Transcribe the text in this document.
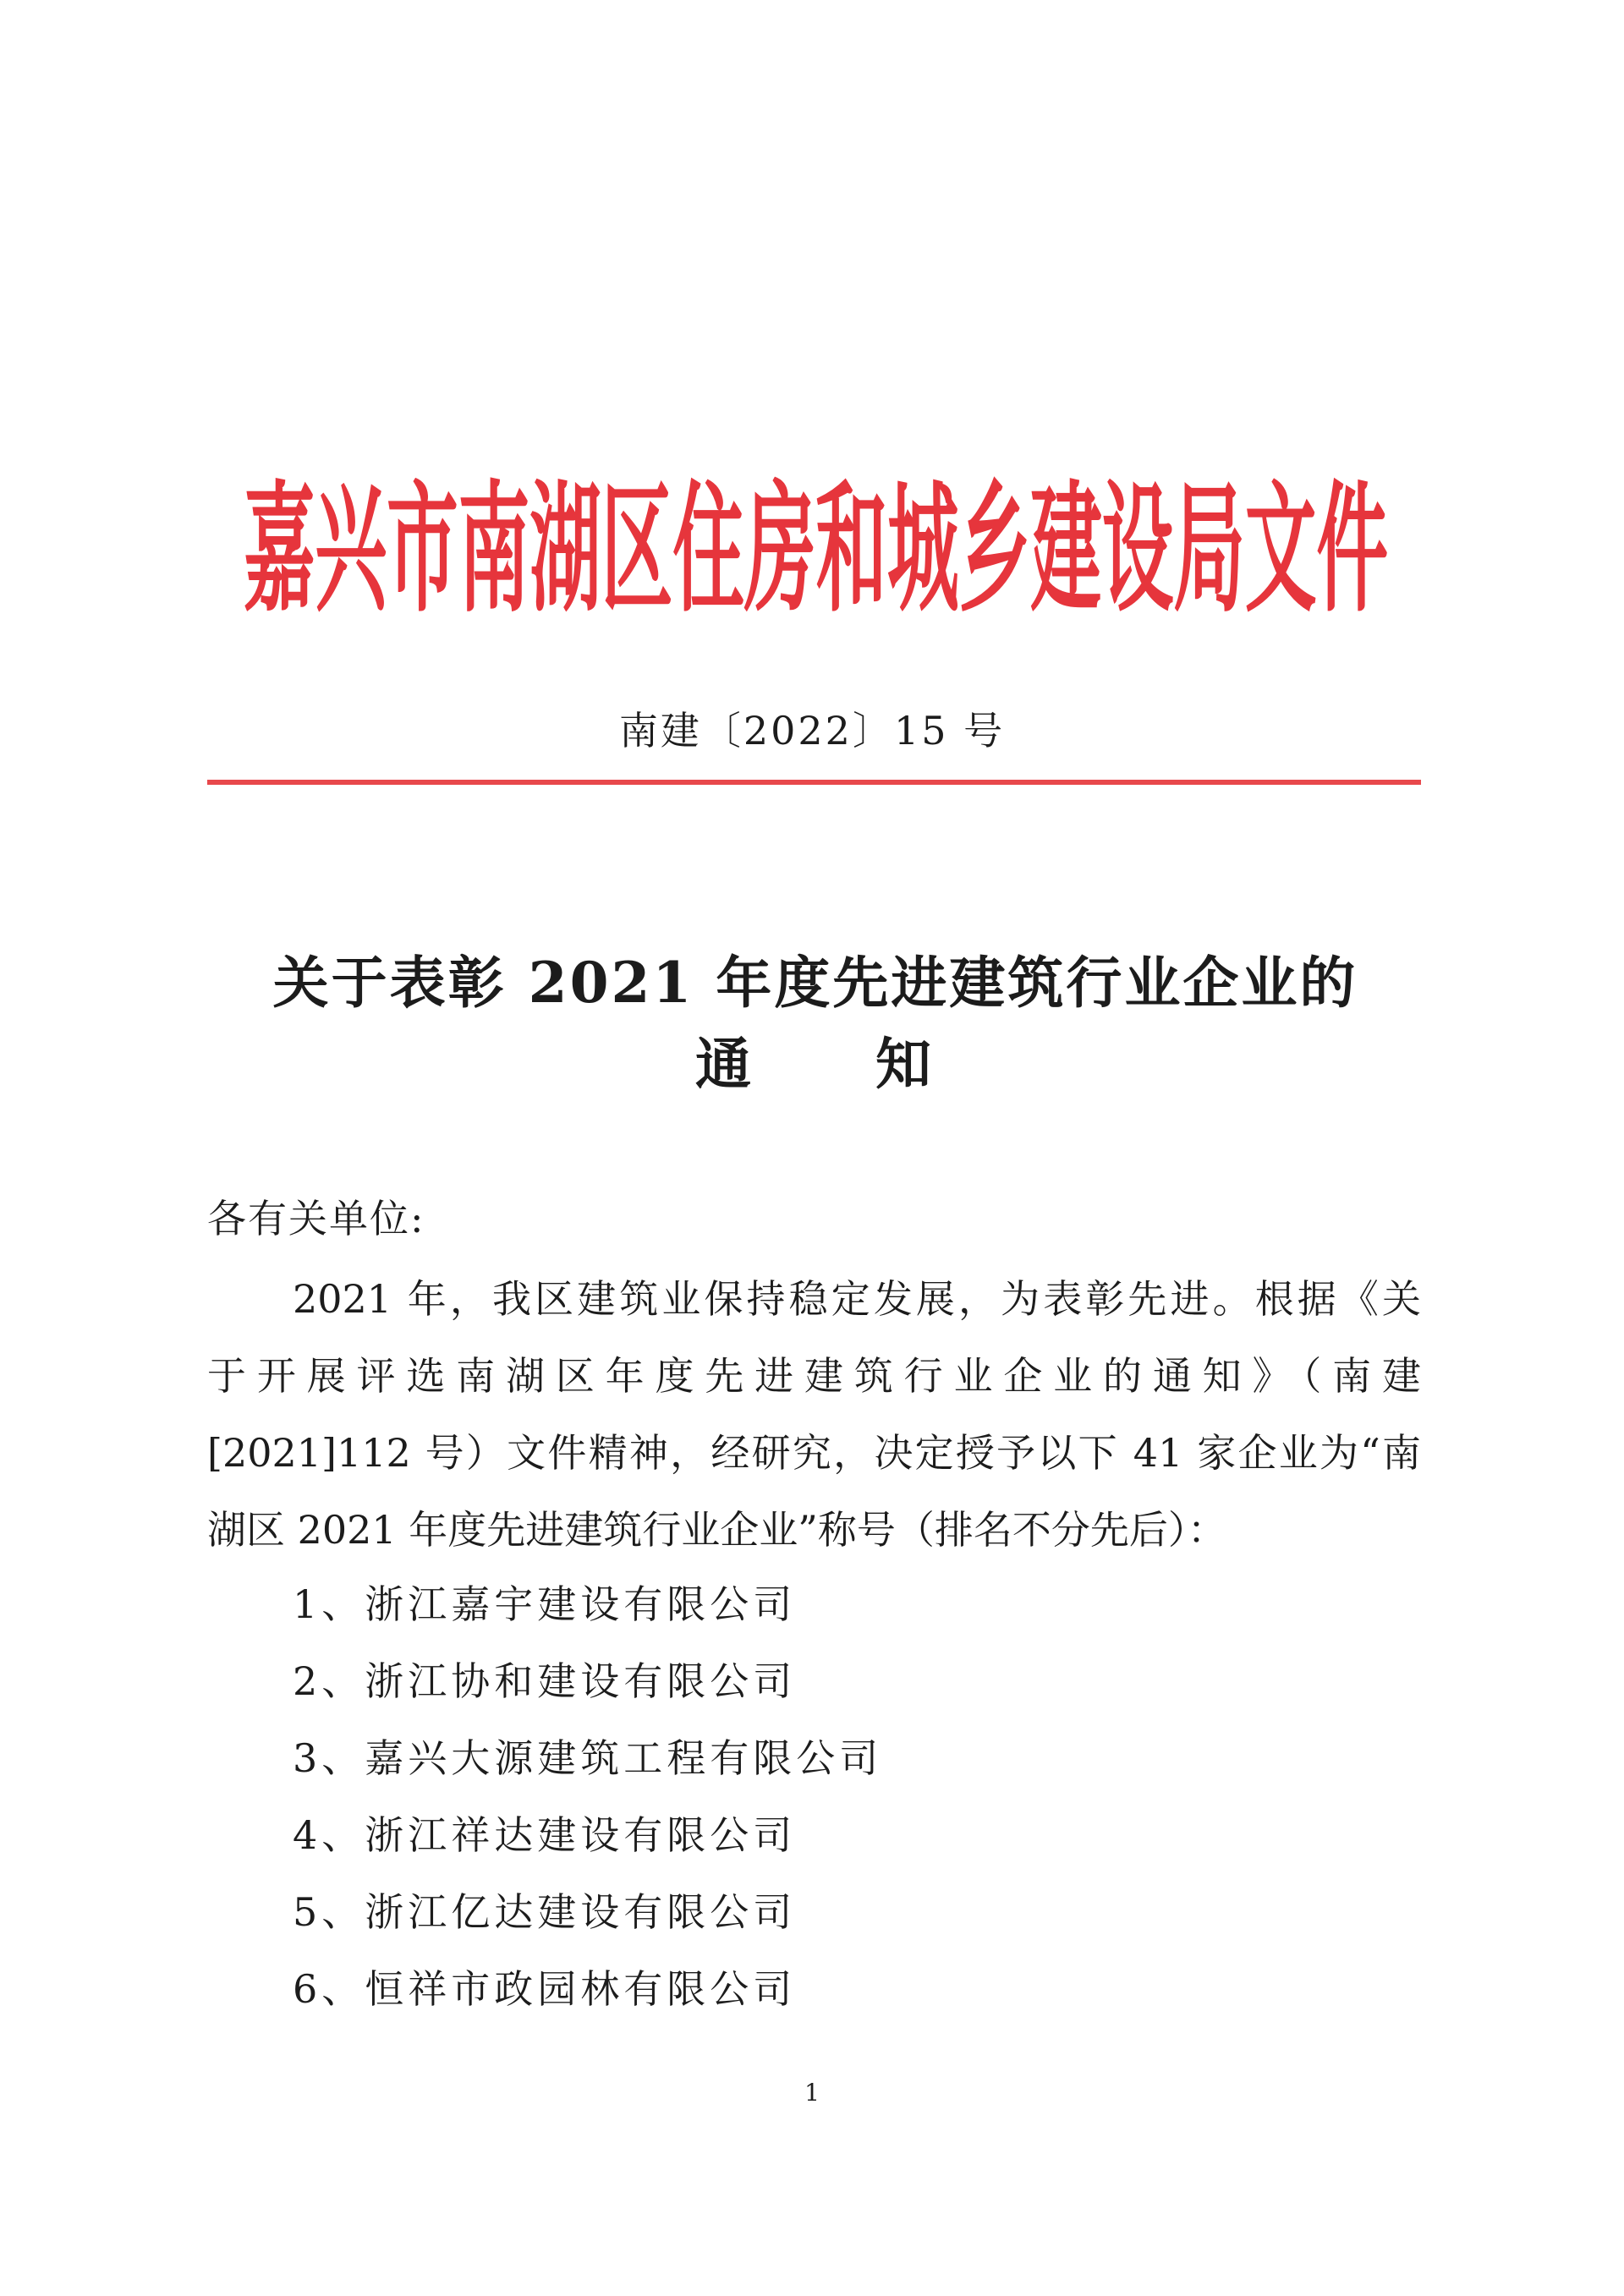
嘉兴市南湖区住房和城乡建设局文件
南建〔2022〕15 号
关于表彰 2021 年度先进建筑行业企业的
通 知
各有关单位:
2021 年，我区建筑业保持稳定发展，为表彰先进。根据《关
于开展评选南湖区年度先进建筑行业企业的通知》（南建
[2021]112 号）文件精神，经研究，决定授予以下 41 家企业为“南
湖区 2021 年度先进建筑行业企业”称号（排名不分先后）：
1、浙江嘉宇建设有限公司
2、浙江协和建设有限公司
3、嘉兴大源建筑工程有限公司
4、浙江祥达建设有限公司
5、浙江亿达建设有限公司
6、恒祥市政园林有限公司
1
